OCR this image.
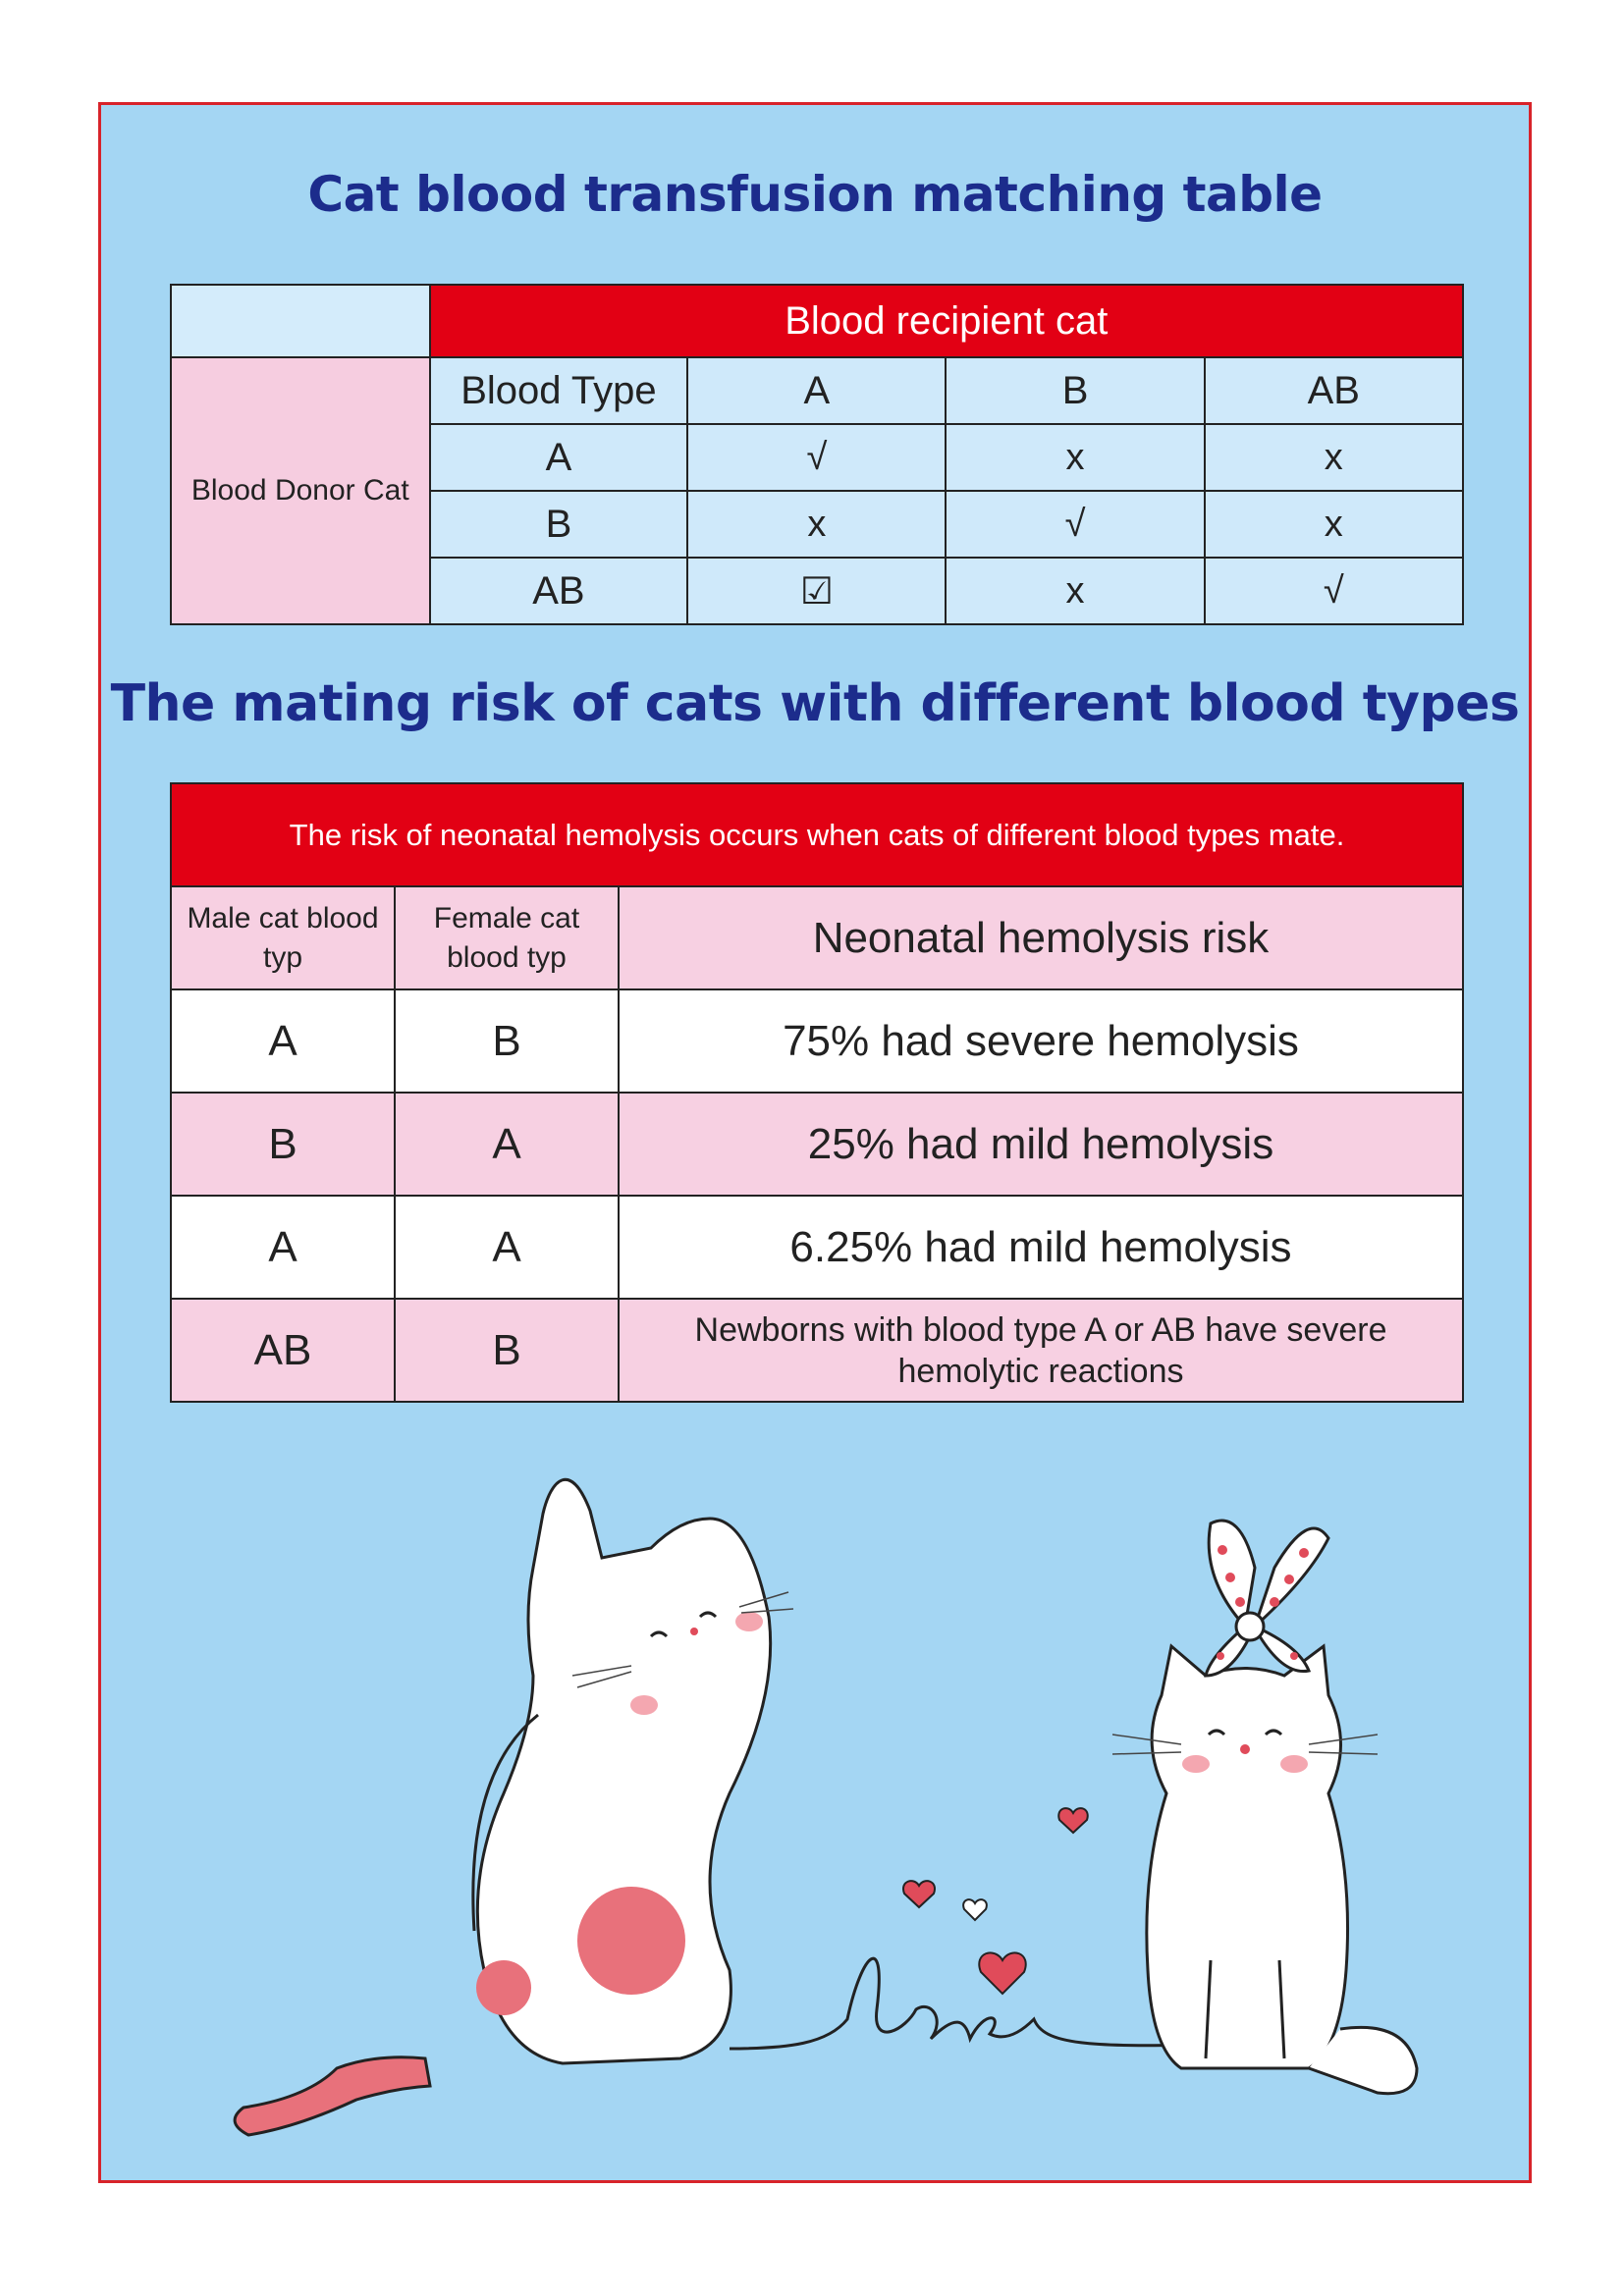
Cat blood transfusion matching table
	Blood recipient cat			
Blood Donor Cat	Blood Type	A	B	AB
	A	√	x	x
	B	x	√	x
	AB	☑	x	√
The mating risk of cats with different blood types
The risk of neonatal hemolysis occurs when cats of different blood types mate.		
Male cat blood typ	Female cat blood typ	Neonatal hemolysis risk
A	B	75% had severe hemolysis
B	A	25% had mild hemolysis
A	A	6.25% had mild hemolysis
AB	B	Newborns with blood type A or AB have severe hemolytic reactions
love
